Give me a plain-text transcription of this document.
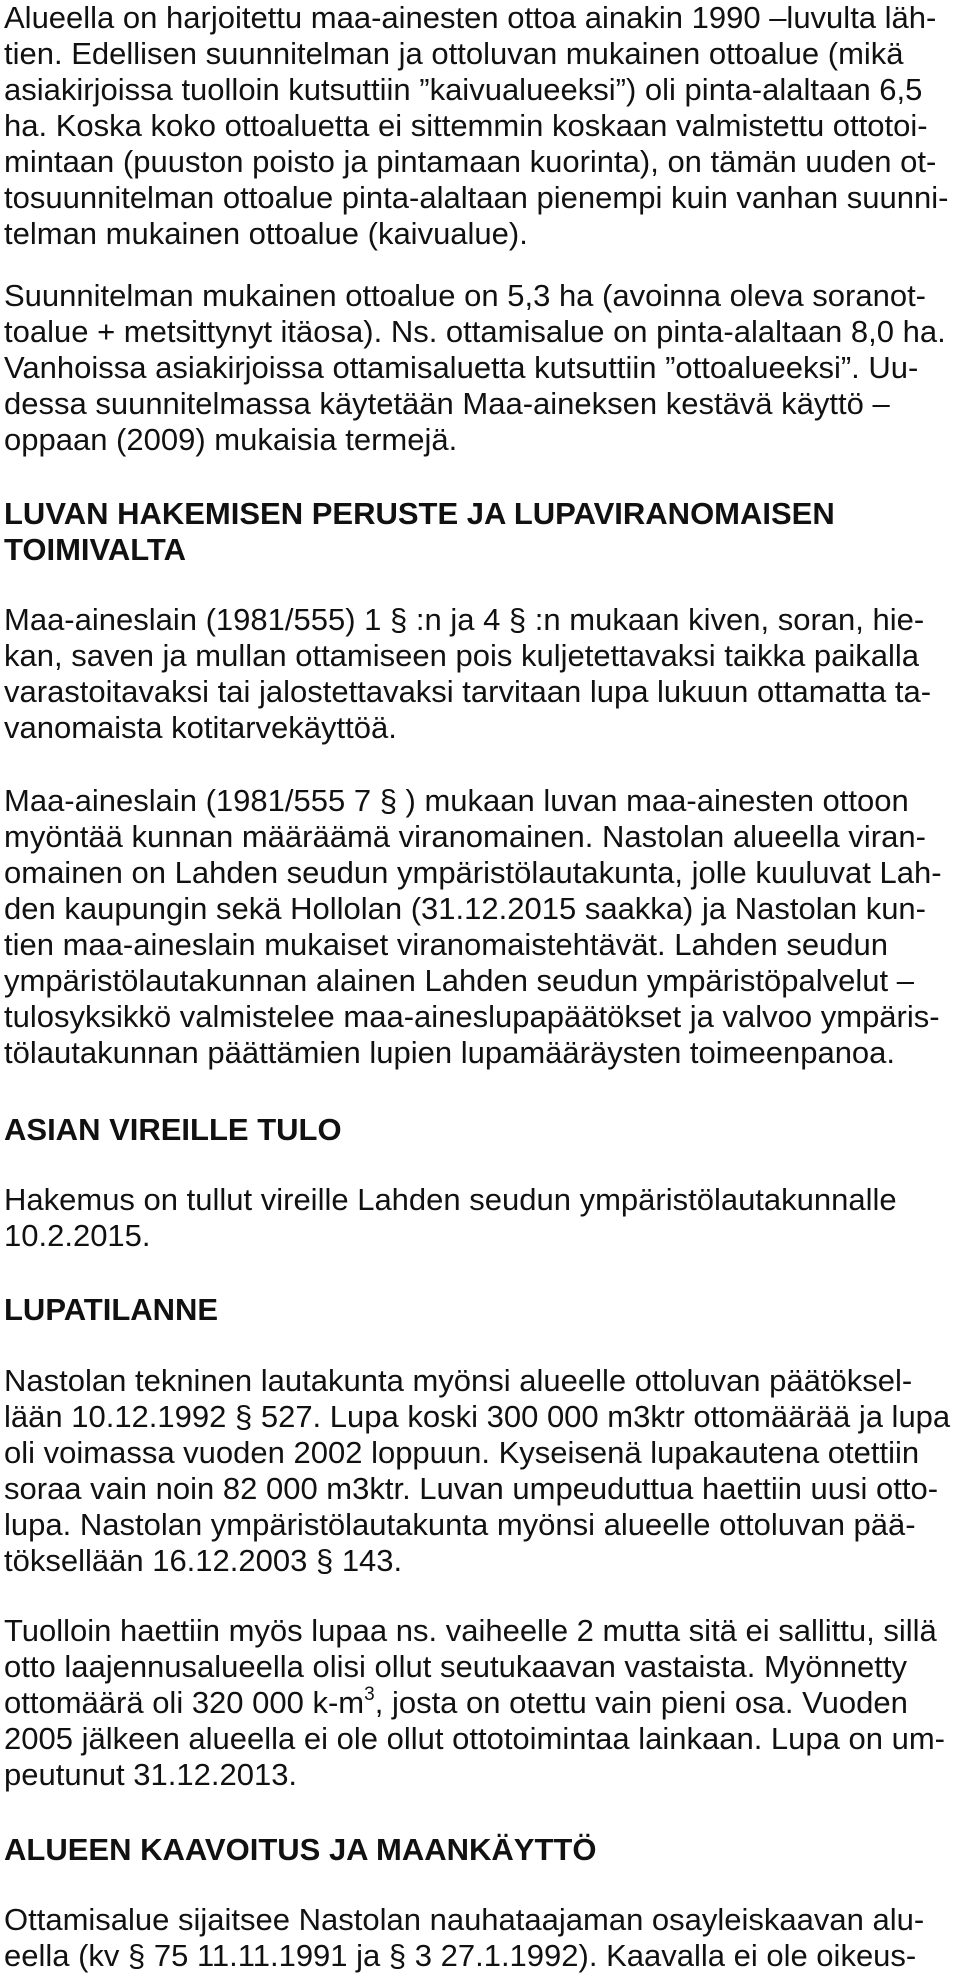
Alueella on harjoitettu maa-ainesten ottoa ainakin 1990 –luvulta läh-

tien. Edellisen suunnitelman ja ottoluvan mukainen ottoalue (mikä

asiakirjoissa tuolloin kutsuttiin ”kaivualueeksi”) oli pinta-alaltaan 6,5

ha. Koska koko ottoaluetta ei sittemmin koskaan valmistettu ottotoi-

mintaan (puuston poisto ja pintamaan kuorinta), on tämän uuden ot-

tosuunnitelman ottoalue pinta-alaltaan pienempi kuin vanhan suunni-

telman mukainen ottoalue (kaivualue).

Suunnitelman mukainen ottoalue on 5,3 ha (avoinna oleva soranot-

toalue + metsittynyt itäosa). Ns. ottamisalue on pinta-alaltaan 8,0 ha.

Vanhoissa asiakirjoissa ottamisaluetta kutsuttiin ”ottoalueeksi”. Uu-

dessa suunnitelmassa käytetään Maa-aineksen kestävä käyttö –

oppaan (2009) mukaisia termejä.

LUVAN HAKEMISEN PERUSTE JA LUPAVIRANOMAISEN

TOIMIVALTA

Maa-aineslain (1981/555) 1 § :n ja 4 § :n mukaan kiven, soran, hie-

kan, saven ja mullan ottamiseen pois kuljetettavaksi taikka paikalla

varastoitavaksi tai jalostettavaksi tarvitaan lupa lukuun ottamatta ta-

vanomaista kotitarvekäyttöä.

Maa-aineslain (1981/555 7 § ) mukaan luvan maa-ainesten ottoon

myöntää kunnan määräämä viranomainen. Nastolan alueella viran-

omainen on Lahden seudun ympäristölautakunta, jolle kuuluvat Lah-

den kaupungin sekä Hollolan (31.12.2015 saakka) ja Nastolan kun-

tien maa-aineslain mukaiset viranomaistehtävät. Lahden seudun

ympäristölautakunnan alainen Lahden seudun ympäristöpalvelut –

tulosyksikkö valmistelee maa-aineslupapäätökset ja valvoo ympäris-

tölautakunnan päättämien lupien lupamääräysten toimeenpanoa.

ASIAN VIREILLE TULO

Hakemus on tullut vireille Lahden seudun ympäristölautakunnalle

10.2.2015.

LUPATILANNE

Nastolan tekninen lautakunta myönsi alueelle ottoluvan päätöksel-

lään 10.12.1992 § 527. Lupa koski 300 000 m3ktr ottomäärää ja lupa

oli voimassa vuoden 2002 loppuun. Kyseisenä lupakautena otettiin

soraa vain noin 82 000 m3ktr. Luvan umpeuduttua haettiin uusi otto-

lupa. Nastolan ympäristölautakunta myönsi alueelle ottoluvan pää-

töksellään 16.12.2003 § 143.

Tuolloin haettiin myös lupaa ns. vaiheelle 2 mutta sitä ei sallittu, sillä

otto laajennusalueella olisi ollut seutukaavan vastaista. Myönnetty

ottomäärä oli 320 000 $k-m^3$, josta on otettu vain pieni osa. Vuoden

2005 jälkeen alueella ei ole ollut ottotoimintaa lainkaan. Lupa on um-

peutunut 31.12.2013.

ALUEEN KAAVOITUS JA MAANKÄYTTÖ

Ottamisalue sijaitsee Nastolan nauhataajaman osayleiskaavan alu-

eella (kv § 75 11.11.1991 ja § 3 27.1.1992). Kaavalla ei ole oikeus-
